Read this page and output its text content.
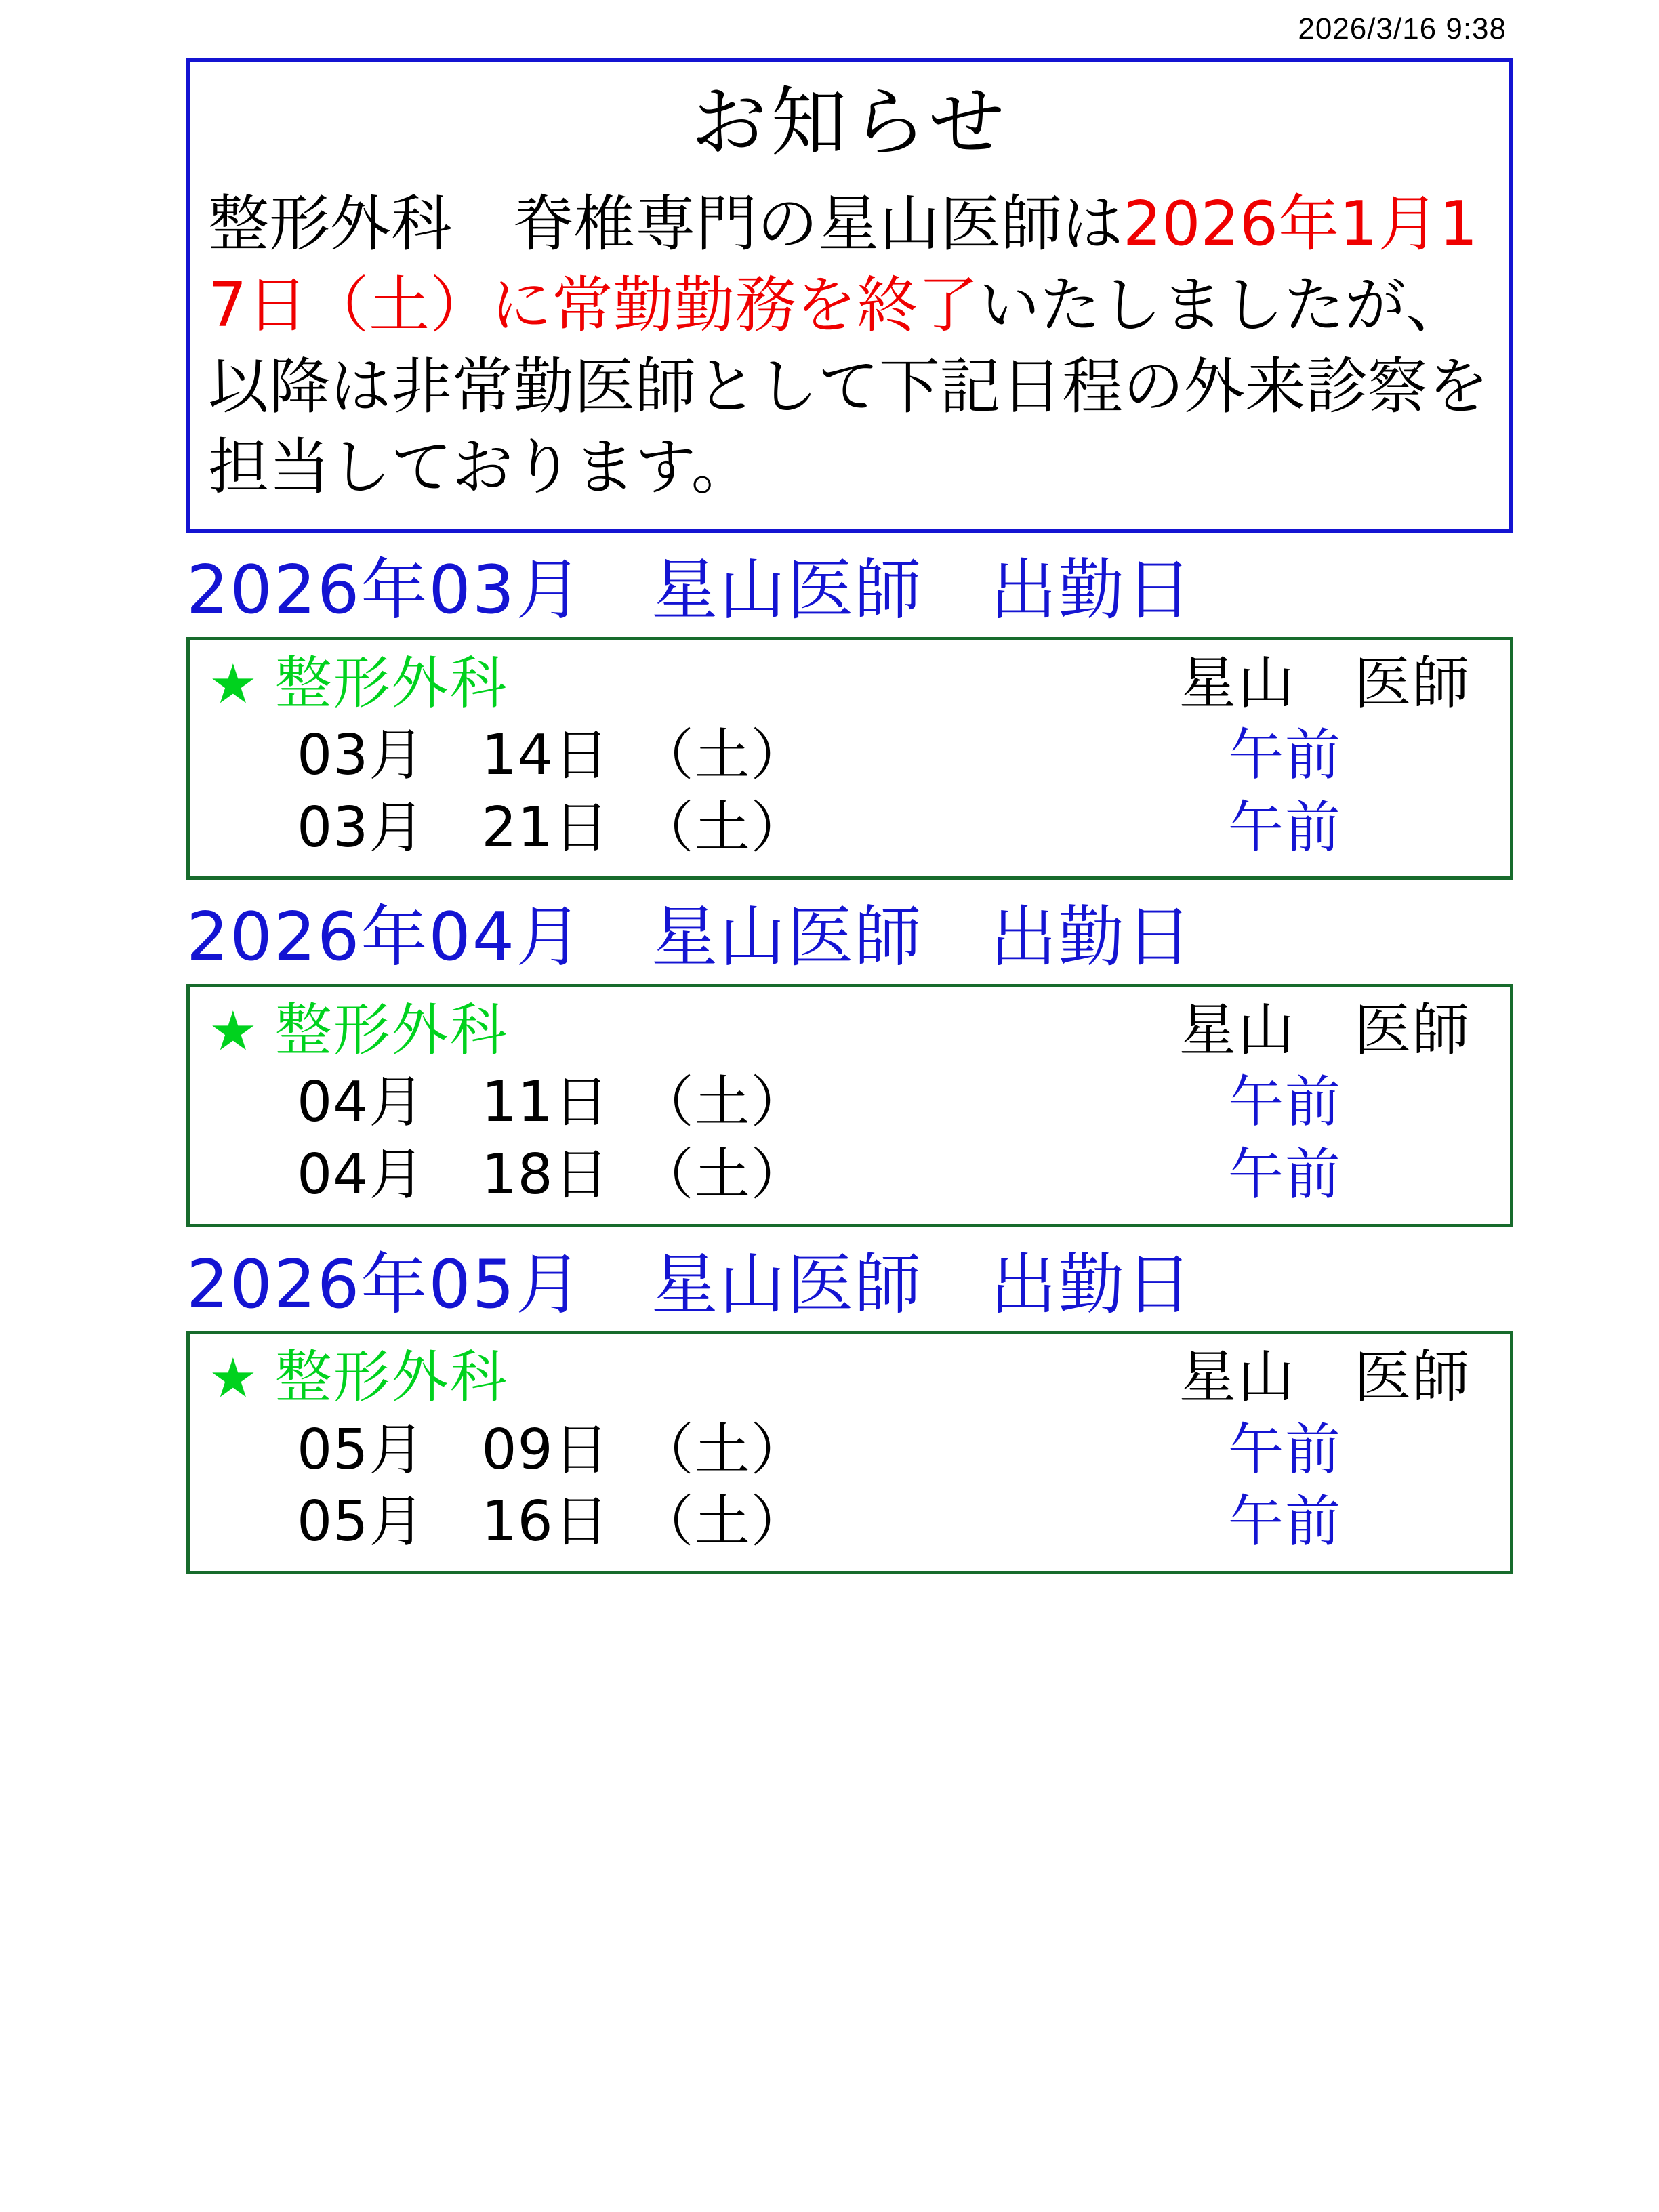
2026/3/16 9:38
お知らせ
整形外科　脊椎専門の星山医師は2026年1月17日（土）に常勤勤務を終了いたしましたが、以降は非常勤医師として下記日程の外来診察を担当しております。
2026年03月　星山医師　出勤日
★ 整形外科	星山　医師
03月　14日　（土）	午前
03月　21日　（土）	午前
2026年04月　星山医師　出勤日
★ 整形外科	星山　医師
04月　11日　（土）	午前
04月　18日　（土）	午前
2026年05月　星山医師　出勤日
★ 整形外科	星山　医師
05月　09日　（土）	午前
05月　16日　（土）	午前
